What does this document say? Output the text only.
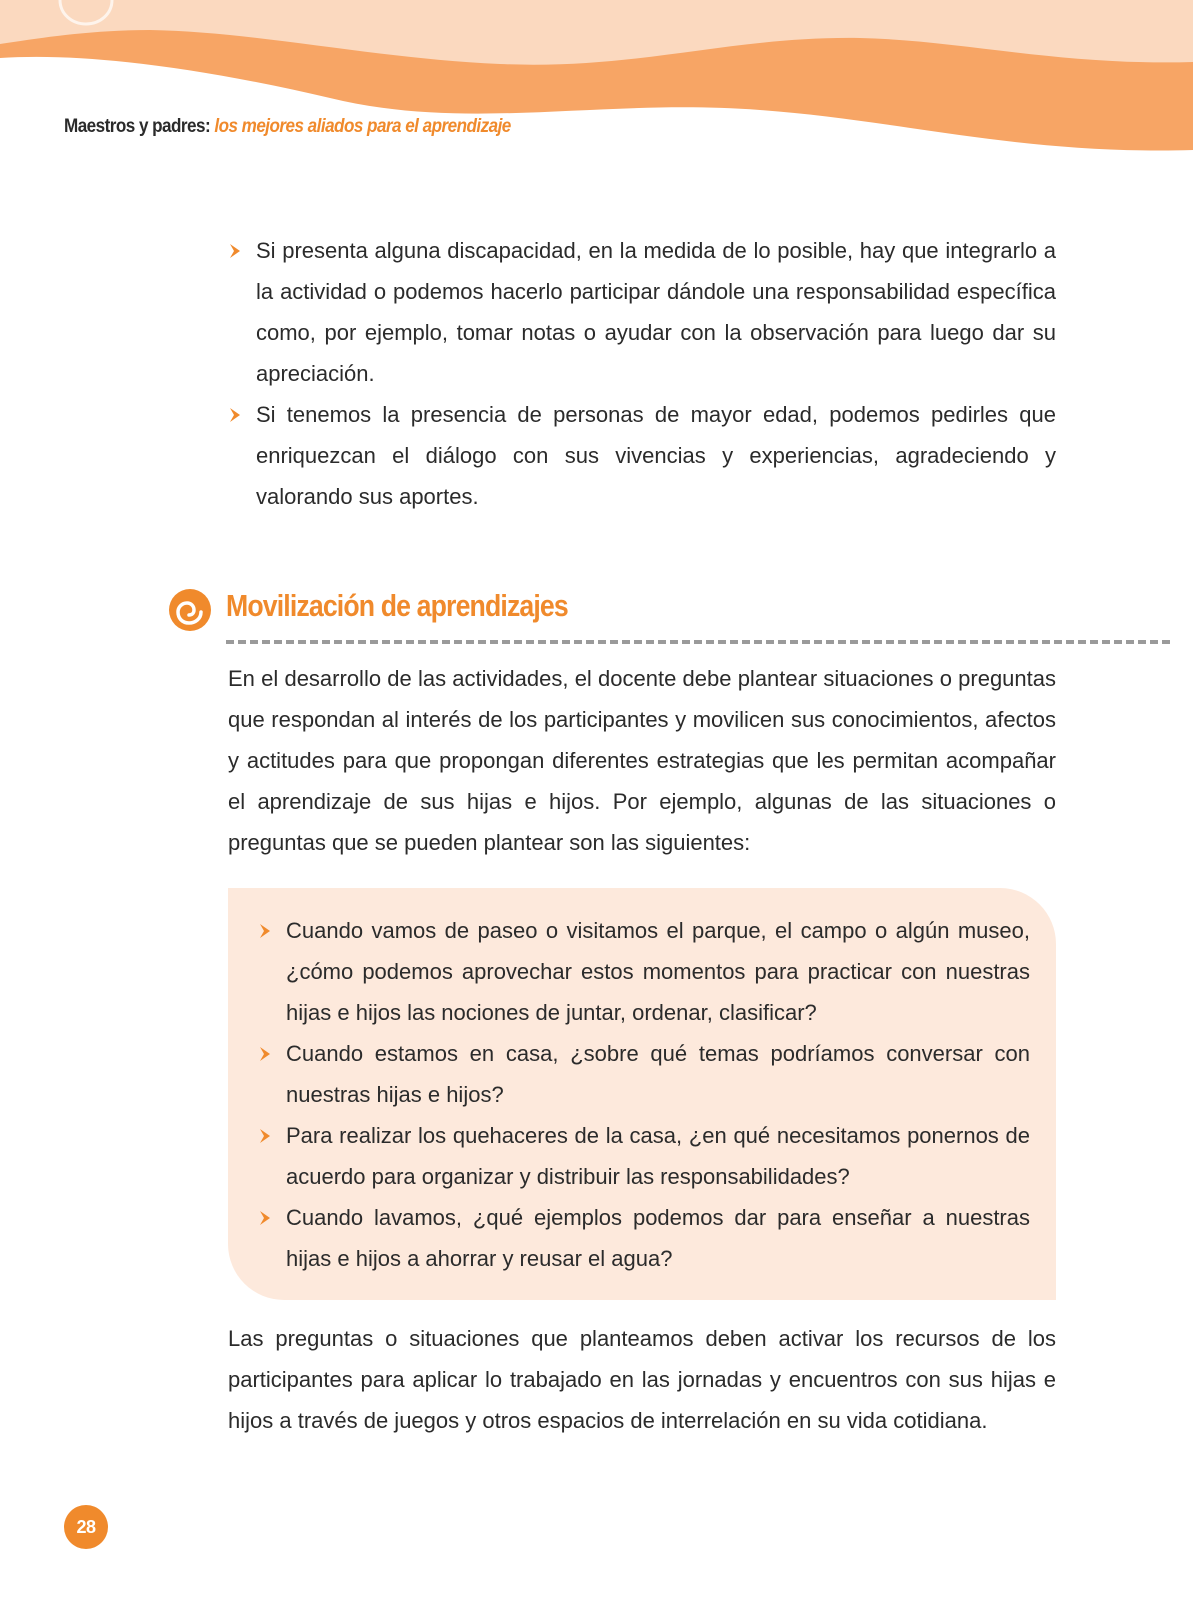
Maestros y padres: los mejores aliados para el aprendizaje
Si presenta alguna discapacidad, en la medida de lo posible, hay que integrarlo a la actividad o podemos hacerlo participar dándole una responsabilidad específica como, por ejemplo, tomar notas o ayudar con la observación para luego dar su apreciación.
Si tenemos la presencia de personas de mayor edad, podemos pedirles que enriquezcan el diálogo con sus vivencias y experiencias, agradeciendo y valorando sus aportes.
Movilización de aprendizajes

En el desarrollo de las actividades, el docente debe plantear situaciones o preguntas que respondan al interés de los participantes y movilicen sus conocimientos, afectos y actitudes para que propongan diferentes estrategias que les permitan acompañar el aprendizaje de sus hijas e hijos. Por ejemplo, algunas de las situaciones o preguntas que se pueden plantear son las siguientes:

Cuando vamos de paseo o visitamos el parque, el campo o algún museo, ¿cómo podemos aprovechar estos momentos para practicar con nuestras hijas e hijos las nociones de juntar, ordenar, clasificar?
Cuando estamos en casa, ¿sobre qué temas podríamos conversar con nuestras hijas e hijos?
Para realizar los quehaceres de la casa, ¿en qué necesitamos ponernos de acuerdo para organizar y distribuir las responsabilidades?
Cuando lavamos, ¿qué ejemplos podemos dar para enseñar a nuestras hijas e hijos a ahorrar y reusar el agua?

Las preguntas o situaciones que planteamos deben activar los recursos de los participantes para aplicar lo trabajado en las jornadas y encuentros con sus hijas e hijos a través de juegos y otros espacios de interrelación en su vida cotidiana.

28
